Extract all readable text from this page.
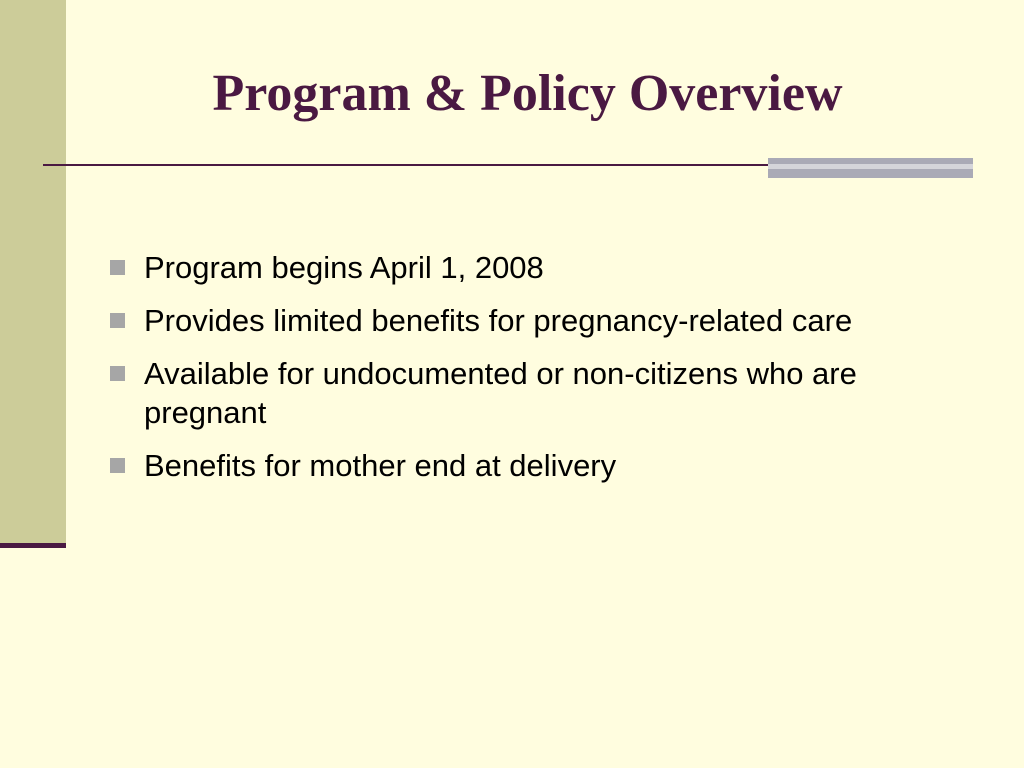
Program & Policy Overview
Program begins April 1, 2008
Provides limited benefits for pregnancy-related care
Available for undocumented or non-citizens who are pregnant
Benefits for mother end at delivery
